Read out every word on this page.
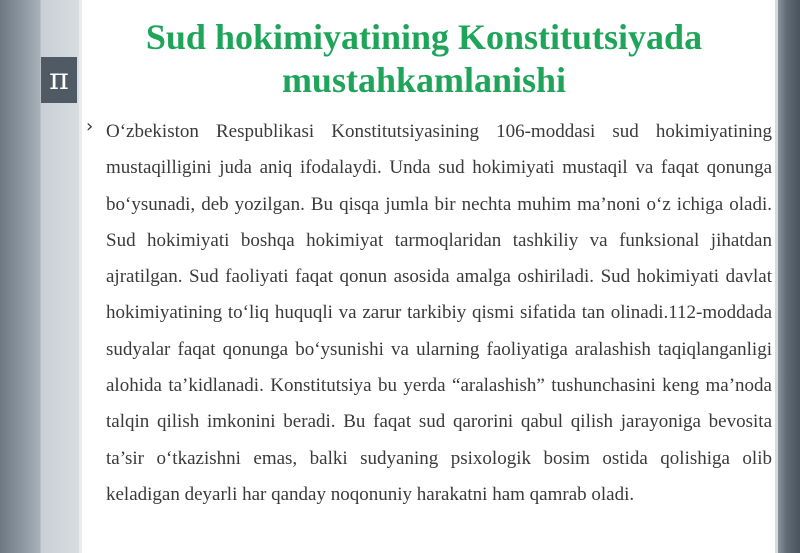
π
Sud hokimiyatining Konstitutsiyada mustahkamlanishi
› O‘zbekiston Respublikasi Konstitutsiyasining 106-moddasi sud hokimiyatining mustaqilligini juda aniq ifodalaydi. Unda sud hokimiyati mustaqil va faqat qonunga bo‘ysunadi, deb yozilgan. Bu qisqa jumla bir nechta muhim ma’noni o‘z ichiga oladi. Sud hokimiyati boshqa hokimiyat tarmoqlaridan tashkiliy va funksional jihatdan ajratilgan. Sud faoliyati faqat qonun asosida amalga oshiriladi. Sud hokimiyati davlat hokimiyatining to‘liq huquqli va zarur tarkibiy qismi sifatida tan olinadi.112-moddada sudyalar faqat qonunga bo‘ysunishi va ularning faoliyatiga aralashish taqiqlanganligi alohida ta’kidlanadi. Konstitutsiya bu yerda “aralashish” tushunchasini keng ma’noda talqin qilish imkonini beradi. Bu faqat sud qarorini qabul qilish jarayoniga bevosita ta’sir o‘tkazishni emas, balki sudyaning psixologik bosim ostida qolishiga olib keladigan deyarli har qanday noqonuniy harakatni ham qamrab oladi.
